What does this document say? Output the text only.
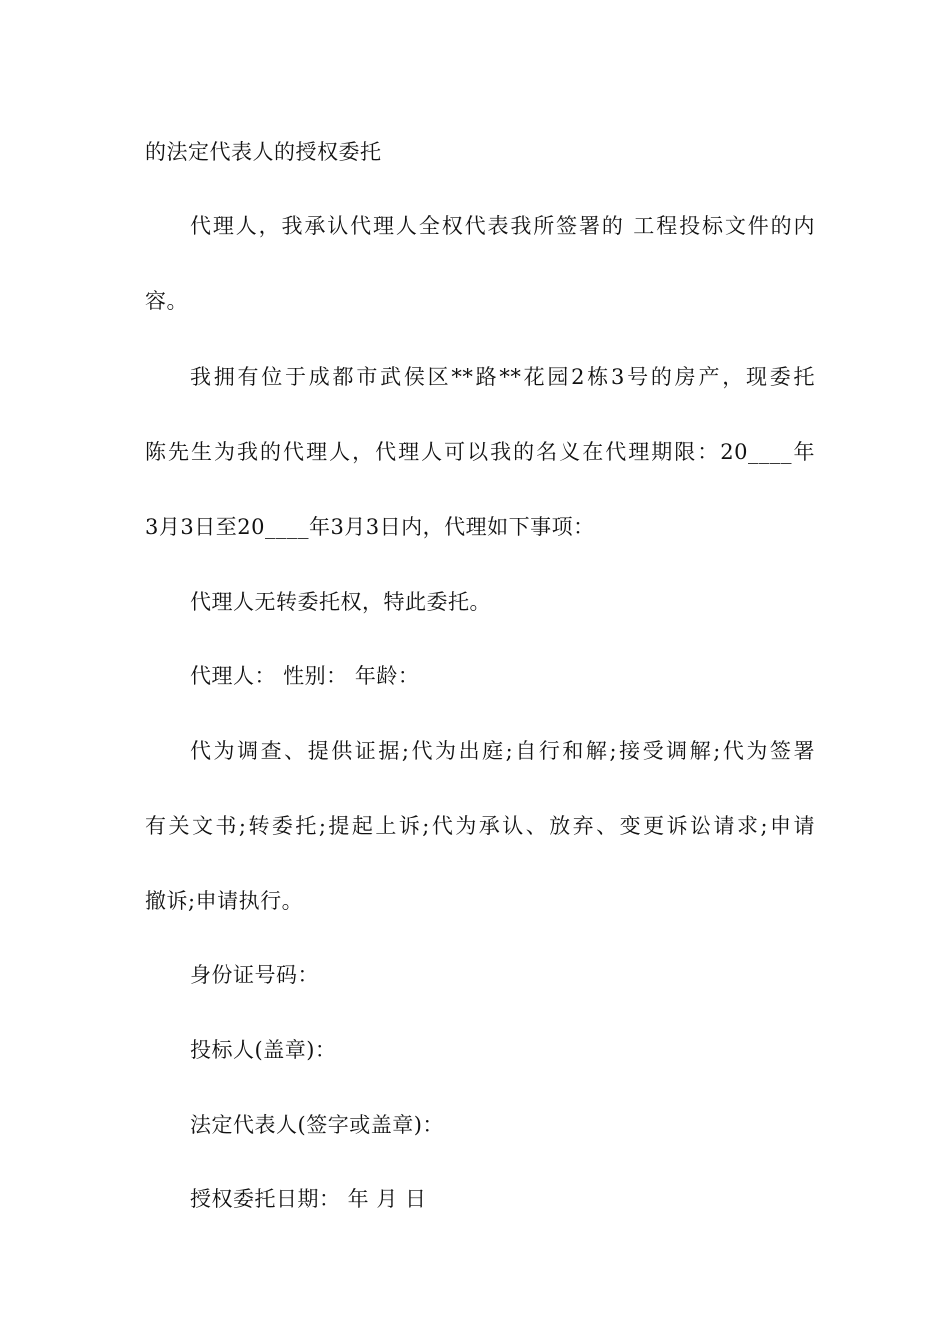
的法定代表人的授权委托
代理人，我承认代理人全权代表我所签署的 工程投标文件的内
容。
我拥有位于成都市武侯区**路**花园2栋3号的房产，现委托
陈先生为我的代理人，代理人可以我的名义在代理期限：20____年
3月3日至20____年3月3日内，代理如下事项：
代理人无转委托权，特此委托。
代理人： 性别： 年龄：
代为调查、提供证据;代为出庭;自行和解;接受调解;代为签署
有关文书;转委托;提起上诉;代为承认、放弃、变更诉讼请求;申请
撤诉;申请执行。
身份证号码：
投标人(盖章)：
法定代表人(签字或盖章)：
授权委托日期： 年 月 日
